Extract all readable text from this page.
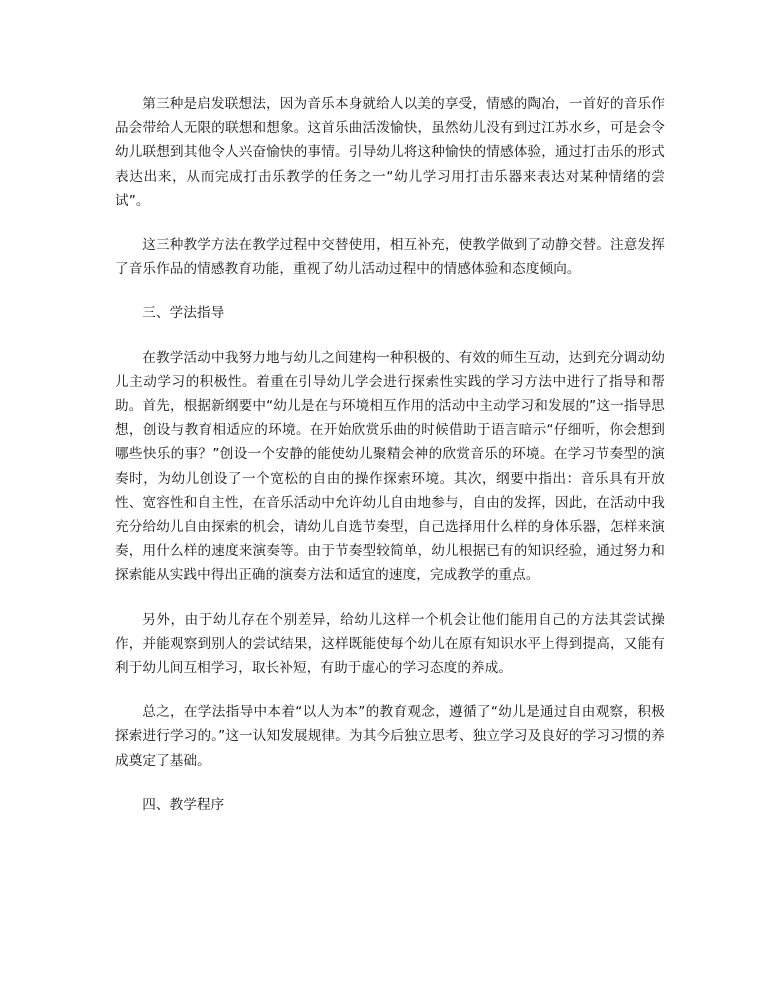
第三种是启发联想法，因为音乐本身就给人以美的享受，情感的陶冶，一首好的音乐作品会带给人无限的联想和想象。这首乐曲活泼愉快，虽然幼儿没有到过江苏水乡，可是会令幼儿联想到其他令人兴奋愉快的事情。引导幼儿将这种愉快的情感体验，通过打击乐的形式表达出来，从而完成打击乐教学的任务之一“幼儿学习用打击乐器来表达对某种情绪的尝试”。

这三种教学方法在教学过程中交替使用，相互补充，使教学做到了动静交替。注意发挥了音乐作品的情感教育功能，重视了幼儿活动过程中的情感体验和态度倾向。

三、学法指导

在教学活动中我努力地与幼儿之间建构一种积极的、有效的师生互动，达到充分调动幼儿主动学习的积极性。着重在引导幼儿学会进行探索性实践的学习方法中进行了指导和帮助。首先，根据新纲要中“幼儿是在与环境相互作用的活动中主动学习和发展的”这一指导思想，创设与教育相适应的环境。在开始欣赏乐曲的时候借助于语言暗示“仔细听，你会想到哪些快乐的事？”创设一个安静的能使幼儿聚精会神的欣赏音乐的环境。在学习节奏型的演奏时，为幼儿创设了一个宽松的自由的操作探索环境。其次，纲要中指出：音乐具有开放性、宽容性和自主性，在音乐活动中允许幼儿自由地参与，自由的发挥，因此，在活动中我充分给幼儿自由探索的机会，请幼儿自选节奏型，自己选择用什么样的身体乐器，怎样来演奏，用什么样的速度来演奏等。由于节奏型较简单，幼儿根据已有的知识经验，通过努力和探索能从实践中得出正确的演奏方法和适宜的速度，完成教学的重点。

另外，由于幼儿存在个别差异，给幼儿这样一个机会让他们能用自己的方法其尝试操作，并能观察到别人的尝试结果，这样既能使每个幼儿在原有知识水平上得到提高，又能有利于幼儿间互相学习，取长补短，有助于虚心的学习态度的养成。

总之，在学法指导中本着“以人为本”的教育观念，遵循了“幼儿是通过自由观察，积极探索进行学习的。”这一认知发展规律。为其今后独立思考、独立学习及良好的学习习惯的养成奠定了基础。

四、教学程序
